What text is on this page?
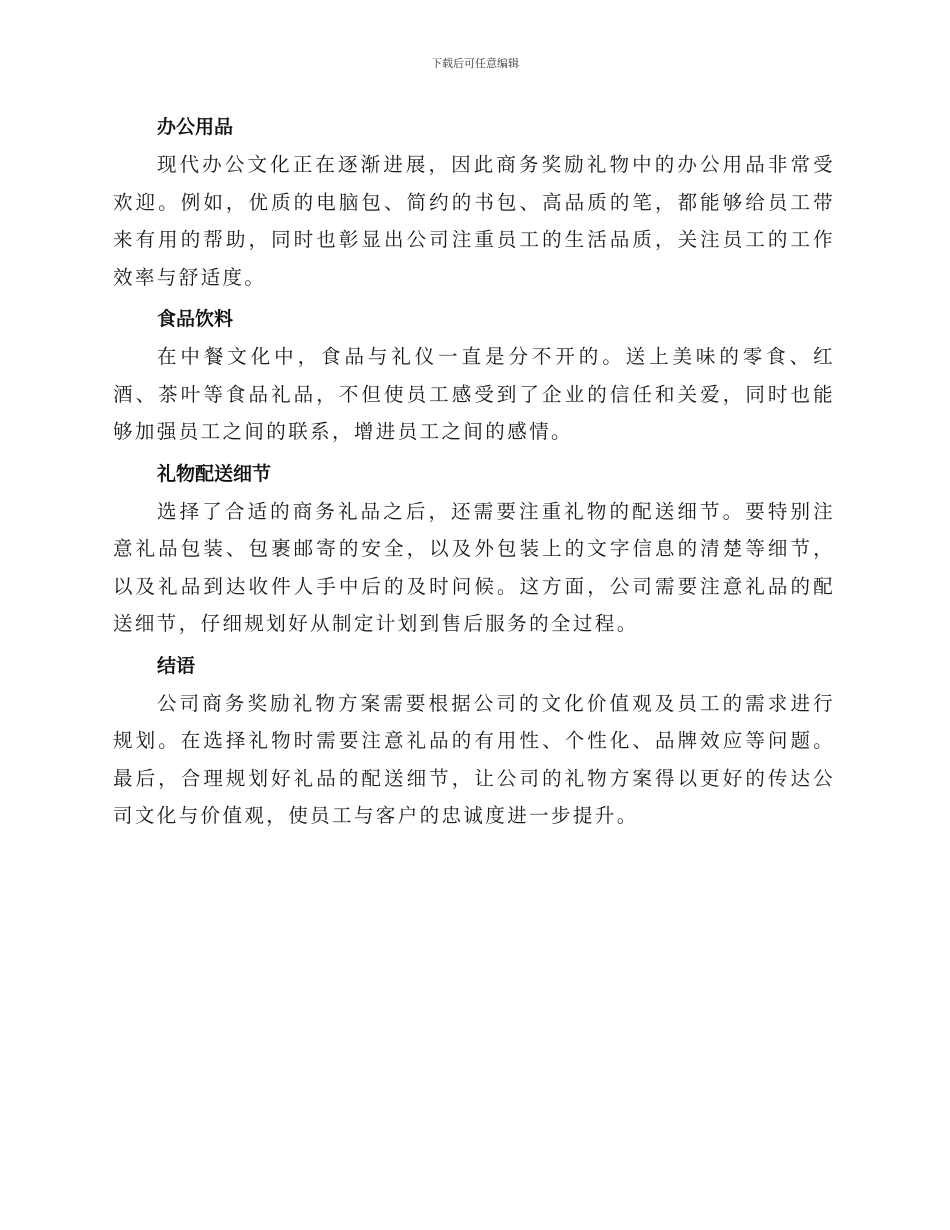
下载后可任意编辑
办公用品

现代办公文化正在逐渐进展，因此商务奖励礼物中的办公用品非常受欢迎。例如，优质的电脑包、简约的书包、高品质的笔，都能够给员工带来有用的帮助，同时也彰显出公司注重员工的生活品质，关注员工的工作效率与舒适度。

食品饮料

在中餐文化中，食品与礼仪一直是分不开的。送上美味的零食、红酒、茶叶等食品礼品，不但使员工感受到了企业的信任和关爱，同时也能够加强员工之间的联系，增进员工之间的感情。

礼物配送细节

选择了合适的商务礼品之后，还需要注重礼物的配送细节。要特别注意礼品包装、包裹邮寄的安全，以及外包装上的文字信息的清楚等细节，以及礼品到达收件人手中后的及时问候。这方面，公司需要注意礼品的配送细节，仔细规划好从制定计划到售后服务的全过程。

结语

公司商务奖励礼物方案需要根据公司的文化价值观及员工的需求进行规划。在选择礼物时需要注意礼品的有用性、个性化、品牌效应等问题。最后，合理规划好礼品的配送细节，让公司的礼物方案得以更好的传达公司文化与价值观，使员工与客户的忠诚度进一步提升。
